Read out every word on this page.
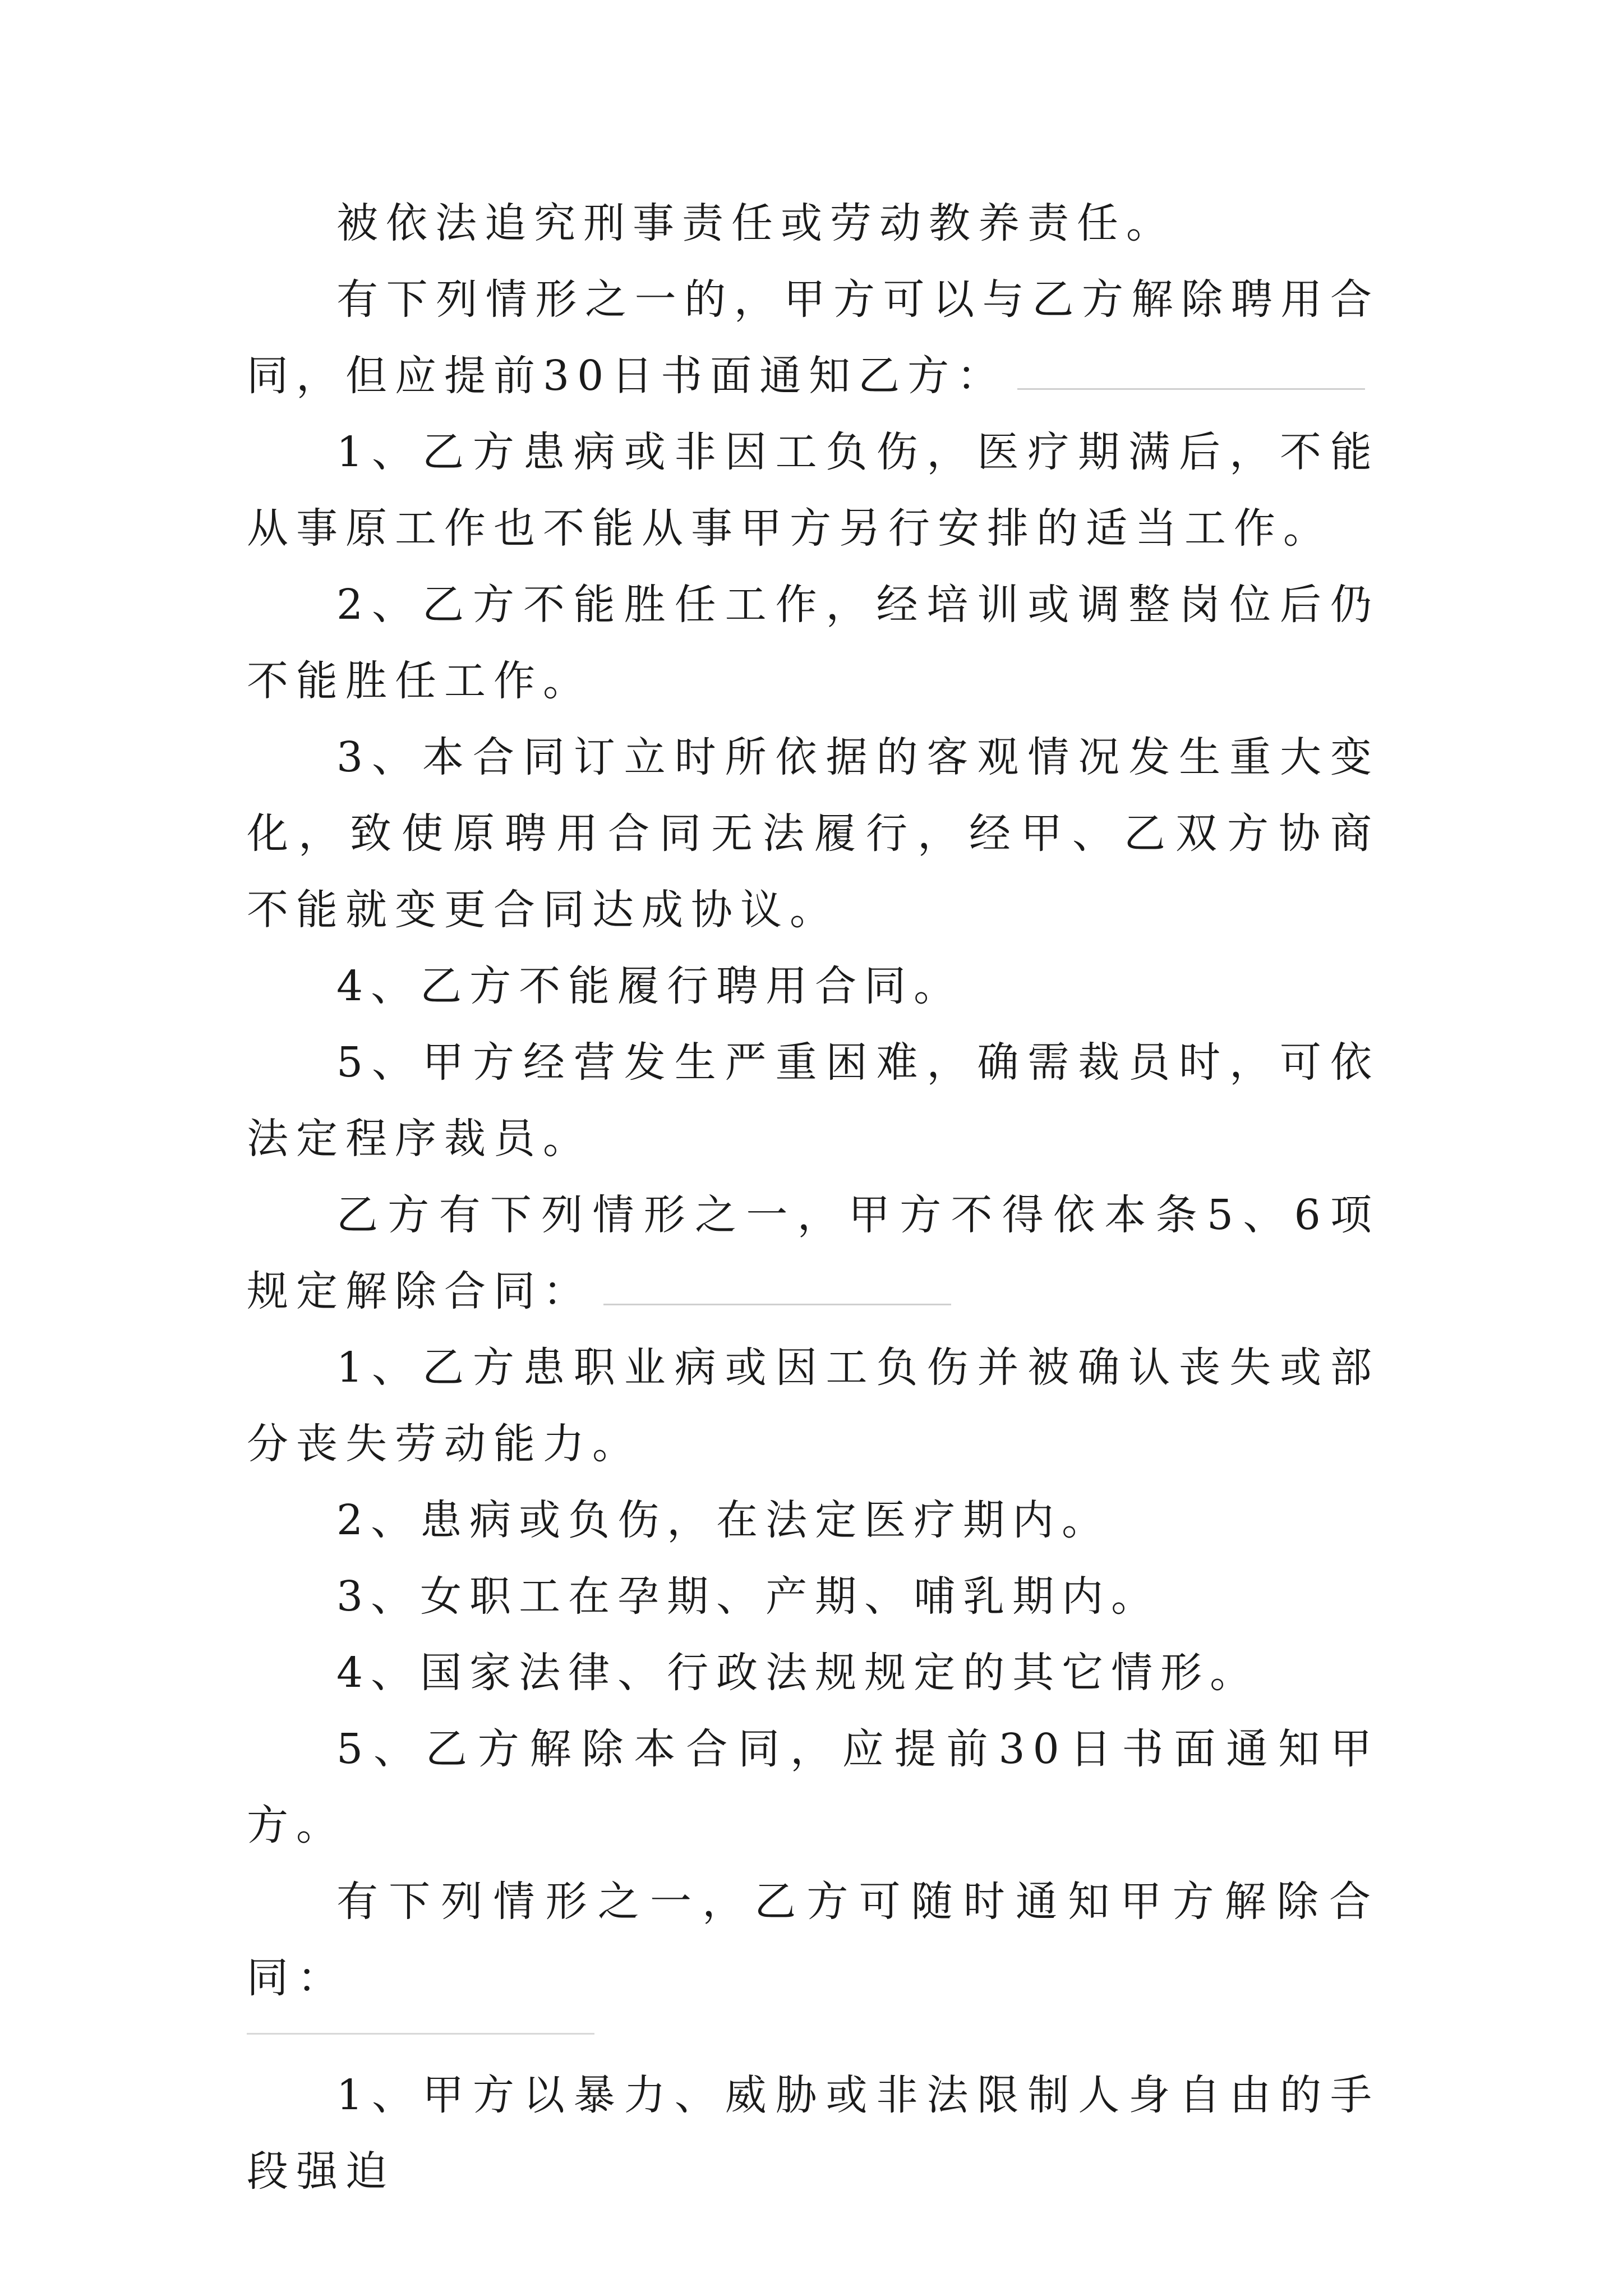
被依法追究刑事责任或劳动教养责任。

有下列情形之一的，甲方可以与乙方解除聘用合同，但应提前30日书面通知乙方：

1、乙方患病或非因工负伤，医疗期满后，不能从事原工作也不能从事甲方另行安排的适当工作。

2、乙方不能胜任工作，经培训或调整岗位后仍不能胜任工作。

3、本合同订立时所依据的客观情况发生重大变化，致使原聘用合同无法履行，经甲、乙双方协商不能就变更合同达成协议。

4、乙方不能履行聘用合同。

5、甲方经营发生严重困难，确需裁员时，可依法定程序裁员。

乙方有下列情形之一，甲方不得依本条5、6项规定解除合同：

1、乙方患职业病或因工负伤并被确认丧失或部分丧失劳动能力。

2、患病或负伤，在法定医疗期内。

3、女职工在孕期、产期、哺乳期内。

4、国家法律、行政法规规定的其它情形。

5、乙方解除本合同，应提前30日书面通知甲方。

有下列情形之一，乙方可随时通知甲方解除合同：

1、甲方以暴力、威胁或非法限制人身自由的手段强迫
